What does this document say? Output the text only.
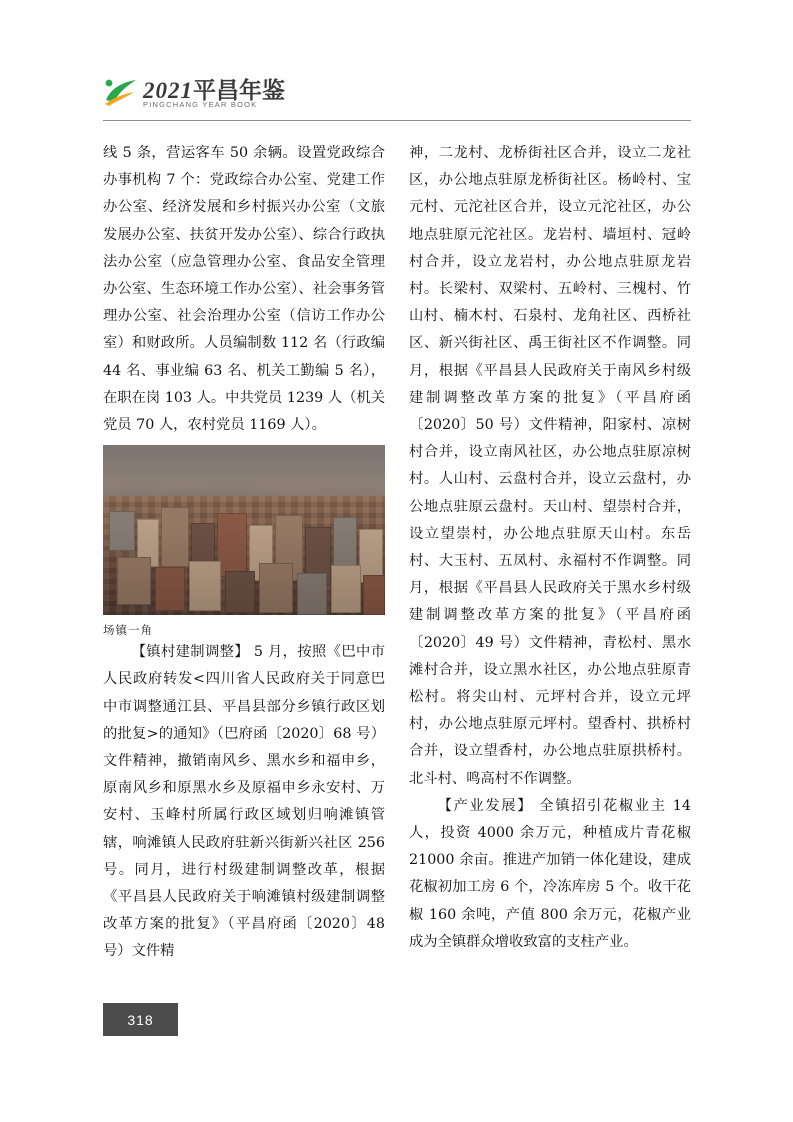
2021平昌年鉴
PINGCHANG YEAR BOOK

线 5 条，营运客车 50 余辆。设置党政综合办事机构 7 个：党政综合办公室、党建工作办公室、经济发展和乡村振兴办公室（文旅发展办公室、扶贫开发办公室）、综合行政执法办公室（应急管理办公室、食品安全管理办公室、生态环境工作办公室）、社会事务管理办公室、社会治理办公室（信访工作办公室）和财政所。人员编制数 112 名（行政编 44 名、事业编 63 名、机关工勤编 5 名），在职在岗 103 人。中共党员 1239 人（机关党员 70 人，农村党员 1169 人）。

场镇一角

【镇村建制调整】 5 月，按照《巴中市人民政府转发<四川省人民政府关于同意巴中市调整通江县、平昌县部分乡镇行政区划的批复>的通知》（巴府函〔2020〕68 号）文件精神，撤销南风乡、黑水乡和福申乡，原南风乡和原黑水乡及原福申乡永安村、万安村、玉峰村所属行政区域划归响滩镇管辖，响滩镇人民政府驻新兴街新兴社区 256 号。同月，进行村级建制调整改革，根据《平昌县人民政府关于响滩镇村级建制调整改革方案的批复》（平昌府函〔2020〕48 号）文件精

神，二龙村、龙桥街社区合并，设立二龙社区，办公地点驻原龙桥街社区。杨岭村、宝元村、元沱社区合并，设立元沱社区，办公地点驻原元沱社区。龙岩村、墙垣村、冠岭村合并，设立龙岩村，办公地点驻原龙岩村。长梁村、双梁村、五岭村、三槐村、竹山村、楠木村、石泉村、龙角社区、西桥社区、新兴街社区、禹王街社区不作调整。同月，根据《平昌县人民政府关于南风乡村级建制调整改革方案的批复》（平昌府函〔2020〕50 号）文件精神，阳家村、凉树村合并，设立南风社区，办公地点驻原凉树村。人山村、云盘村合并，设立云盘村，办公地点驻原云盘村。天山村、望崇村合并，设立望崇村，办公地点驻原天山村。东岳村、大玉村、五凤村、永福村不作调整。同月，根据《平昌县人民政府关于黑水乡村级建制调整改革方案的批复》（平昌府函〔2020〕49 号）文件精神，青松村、黑水滩村合并，设立黑水社区，办公地点驻原青松村。将尖山村、元坪村合并，设立元坪村，办公地点驻原元坪村。望香村、拱桥村合并，设立望香村，办公地点驻原拱桥村。北斗村、鸣高村不作调整。

【产业发展】 全镇招引花椒业主 14 人，投资 4000 余万元，种植成片青花椒 21000 余亩。推进产加销一体化建设，建成花椒初加工房 6 个，冷冻库房 5 个。收干花椒 160 余吨，产值 800 余万元，花椒产业成为全镇群众增收致富的支柱产业。

318
